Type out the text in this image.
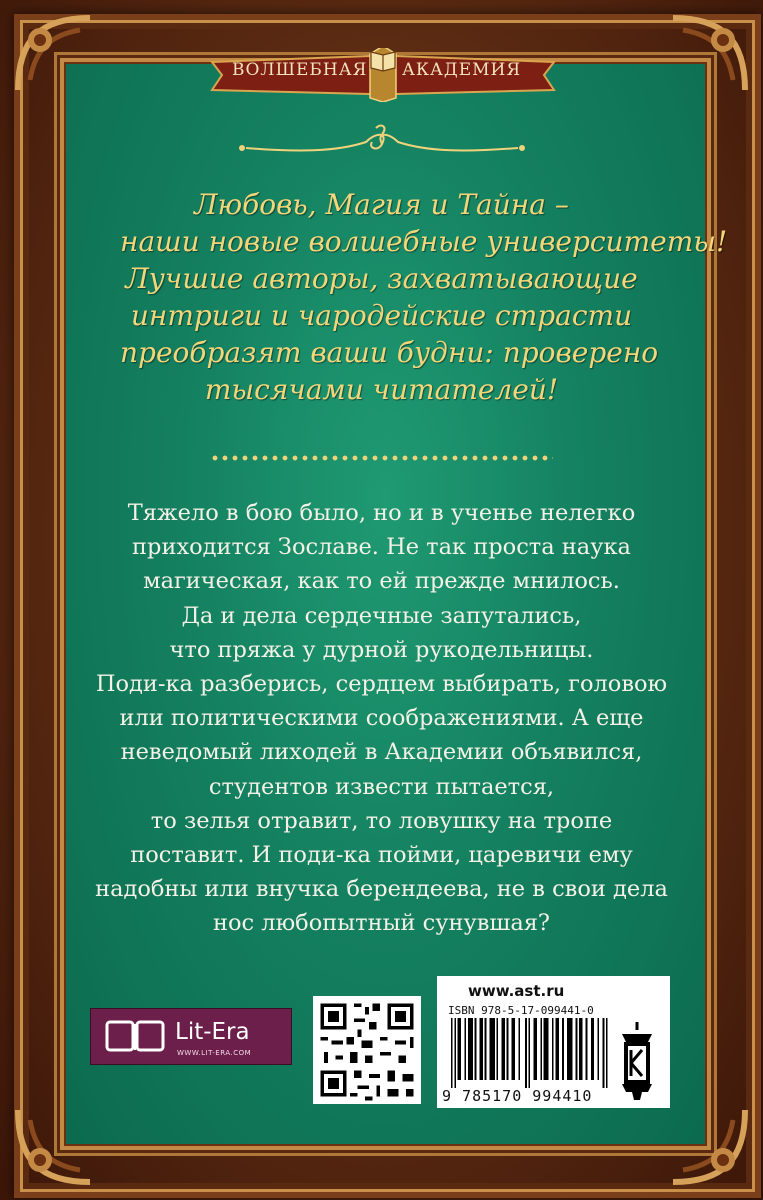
ВОЛШЕБНАЯ АКАДЕМИЯ
Любовь, Магия и Тайна –
наши новые волшебные университеты!
Лучшие авторы, захватывающие
интриги и чародейские страсти
преобразят ваши будни: проверено
тысячами читателей!
Тяжело в бою было, но и в ученье нелегко
приходится Зославе. Не так проста наука
магическая, как то ей прежде мнилось.
Да и дела сердечные запутались,
что пряжа у дурной рукодельницы.
Поди-ка разберись, сердцем выбирать, головою
или политическими соображениями. А еще
неведомый лиходей в Академии объявился,
студентов извести пытается,
то зелья отравит, то ловушку на тропе
поставит. И поди-ка пойми, царевичи ему
надобны или внучка берендеева, не в свои дела
нос любопытный сунувшая?
Lit-Era
WWW.LIT-ERA.COM
www.ast.ru
ISBN 978-5-17-099441-0
9 785170 994410
